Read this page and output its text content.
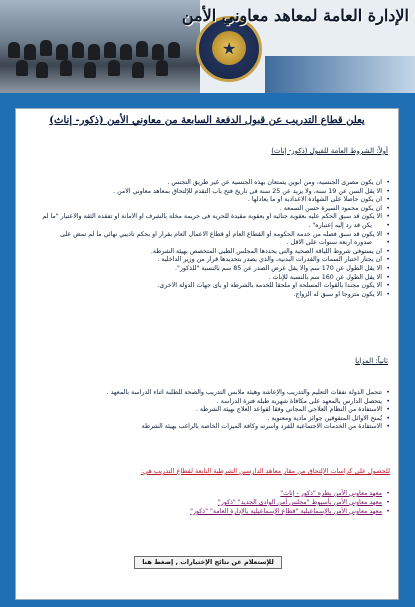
★
الإدارة العامة لمعاهد معاوني الأمن
يعلن قطاع التدريب عن قبول الدفعة السابعة من معاوني الأمن (ذكور- إناث)
أولاً: الشروط العامة للقبول (ذكور- إناث)
• أن يكون مصرى الجنسية، ومن أبوين يتمتعان بهذه الجنسية عن غير طريق التجنس .
• ألا يقل السن عن 19 سنة، ولا يزيد عن 25 سنة فى تاريخ فتح باب التقدم للإلتحاق بمعاهد معاوني الأمن .
• أن يكون حاصلاً على الشهادة الاعدادية أو ما يعادلها .
• أن يكون محمود السيرة حسن السمعة .
• ألا يكون قد سبق الحكم عليه بعقوبة جنائية أو بعقوبة مقيدة للحرية فى جريمة مخلة بالشرف أو الأمانة أو تفقده الثقة والاعتبار "ما لم
• يكن قد رد إليه إعتباره" .
• ألا يكون قد سبق فصله من خدمة الحكومة أو القطاع العام أو قطاع الأعمال العام بقرار أو بحكم تأديبي نهائي ما لم تمض على
• صدوره أربعة سنوات على الأقل .
• أن يستوفى شروط اللياقة الصحية والتى يحددها المجلس الطبى المتخصص بهيئة الشرطة.
• أن يجتاز اختبار السمات والقدرات البدنية، والذي يصدر بتحديدها قرار من وزير الداخلية .
• ألا يقل الطول عن 170 سم وألا يقل عرض الصدر عن 85 سم بالنسبة "للذكور".
• ألا يقل الطول عن 160 سم بالنسبة للإناث .
• ألا يكون مجنداً بالقوات المسلحة أو ملحقاً للخدمة بالشرطة أو بأى جهات الدولة الأخرى.
• ألا يكون متزوجاً أو سبق له الزواج.
ثانياً: المزايا
• تتحمل الدولة نفقات التعليم والتدريب والإعاشة وهيئة ملابس التدريب والصحة للطلبة أثناء الدراسة بالمعهد .
• يتحصل الدارس بالمعهد على مكافأة شهرية طيلة فترة الدراسة .
• الاستفادة من النظام العلاجي المجاني وفقاً لقواعد العلاج بهيئة الشرطة .
• يُمنح الأوائل المتفوقين جوائز مادية ومعنوية .
• الاستفادة من الخدمات الاجتماعية للفرد وأسرته وكافة الميزات الخاصة بالراغب بهيئة الشرطة
للحصول على كراسات الإلتحاق من مقار معاهد الدارسين الشرطية التابعة لقطاع التدريب هي:
• معهد معاوني الأمن بطره "ذكور - إناث"
• معهد معاوني الأمن بأسيوط "مجلس أمن الوادى الجديد" "ذكور"
• معهد معاوني الأمن بالإسماعيلية "قطاع الإسماعيلية بالإدارة العامة" "ذكور"
للإستعلام عن نتائج الإختبارات , إضغط هنا
